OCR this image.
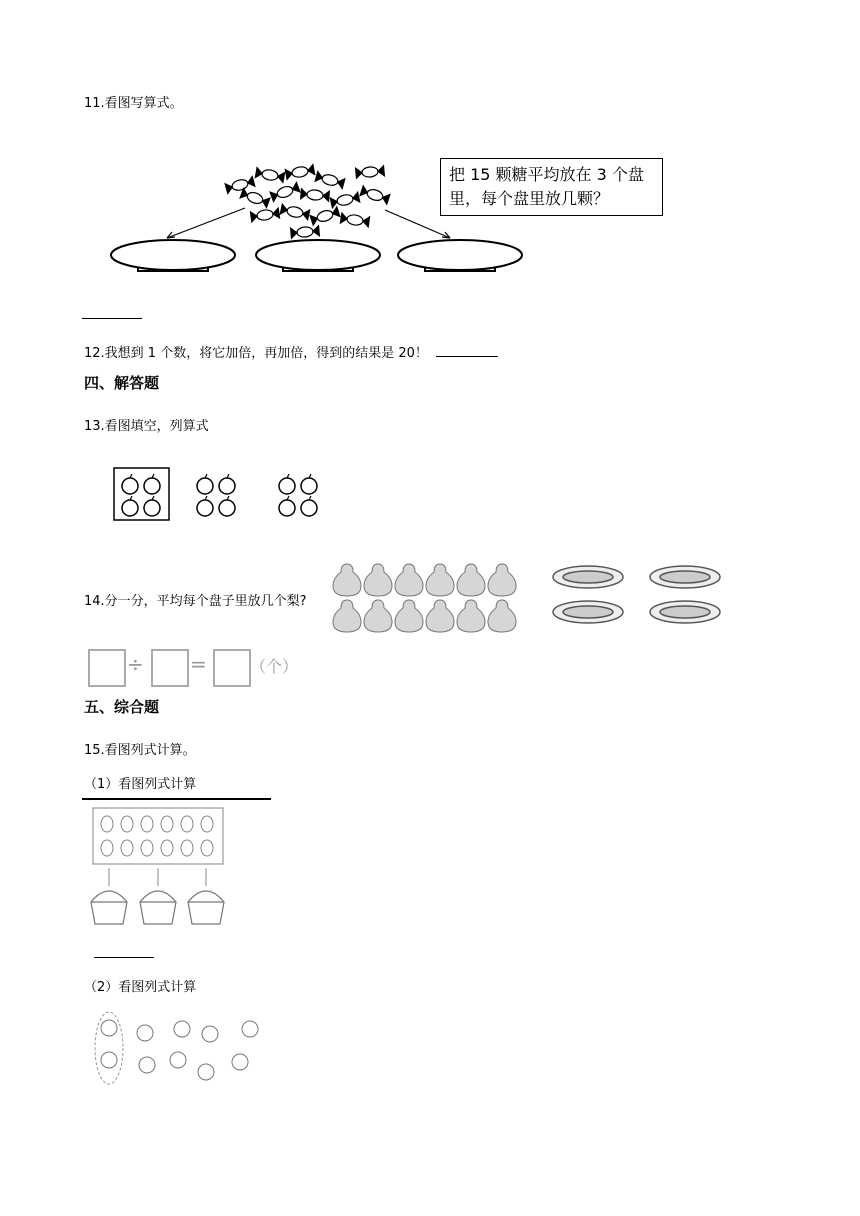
11.看图写算式。
把 15 颗糖平均放在 3 个盘
里，每个盘里放几颗？
12.我想到 1 个数，将它加倍，再加倍，得到的结果是 20！
四、解答题
13.看图填空，列算式
14.分一分，平均每个盘子里放几个梨?
÷ =	（个）
五、综合题
15.看图列式计算。
（1）看图列式计算
（2）看图列式计算
